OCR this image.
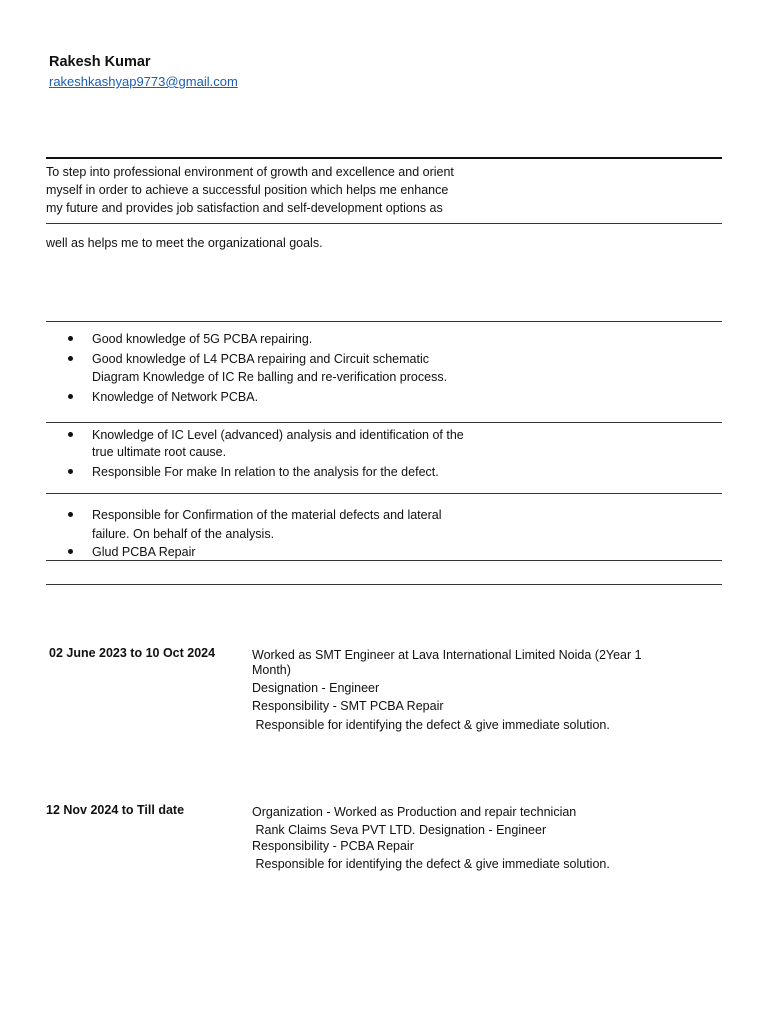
Rakesh Kumar
rakeshkashyap9773@gmail.com
To step into professional environment of growth and excellence and orient
myself in order to achieve a successful position which helps me enhance
my future and provides job satisfaction and self-development options as
well as helps me to meet the organizational goals.
Good knowledge of 5G PCBA repairing.
Good knowledge of L4 PCBA repairing and Circuit schematic
Diagram Knowledge of IC Re balling and re-verification process.
Knowledge of Network PCBA.
Knowledge of IC Level (advanced) analysis and identification of the
true ultimate root cause.
Responsible For make In relation to the analysis for the defect.
Responsible for Confirmation of the material defects and lateral
failure. On behalf of the analysis.
Glud PCBA Repair
02 June 2023 to 10 Oct 2024	Worked as SMT Engineer at Lava International Limited Noida (2Year 1
Month)
Designation - Engineer
Responsibility - SMT PCBA Repair
Responsible for identifying the defect & give immediate solution.
12 Nov 2024 to Till date	Organization - Worked as Production and repair technician
Rank Claims Seva PVT LTD. Designation - Engineer
Responsibility - PCBA Repair
Responsible for identifying the defect & give immediate solution.
